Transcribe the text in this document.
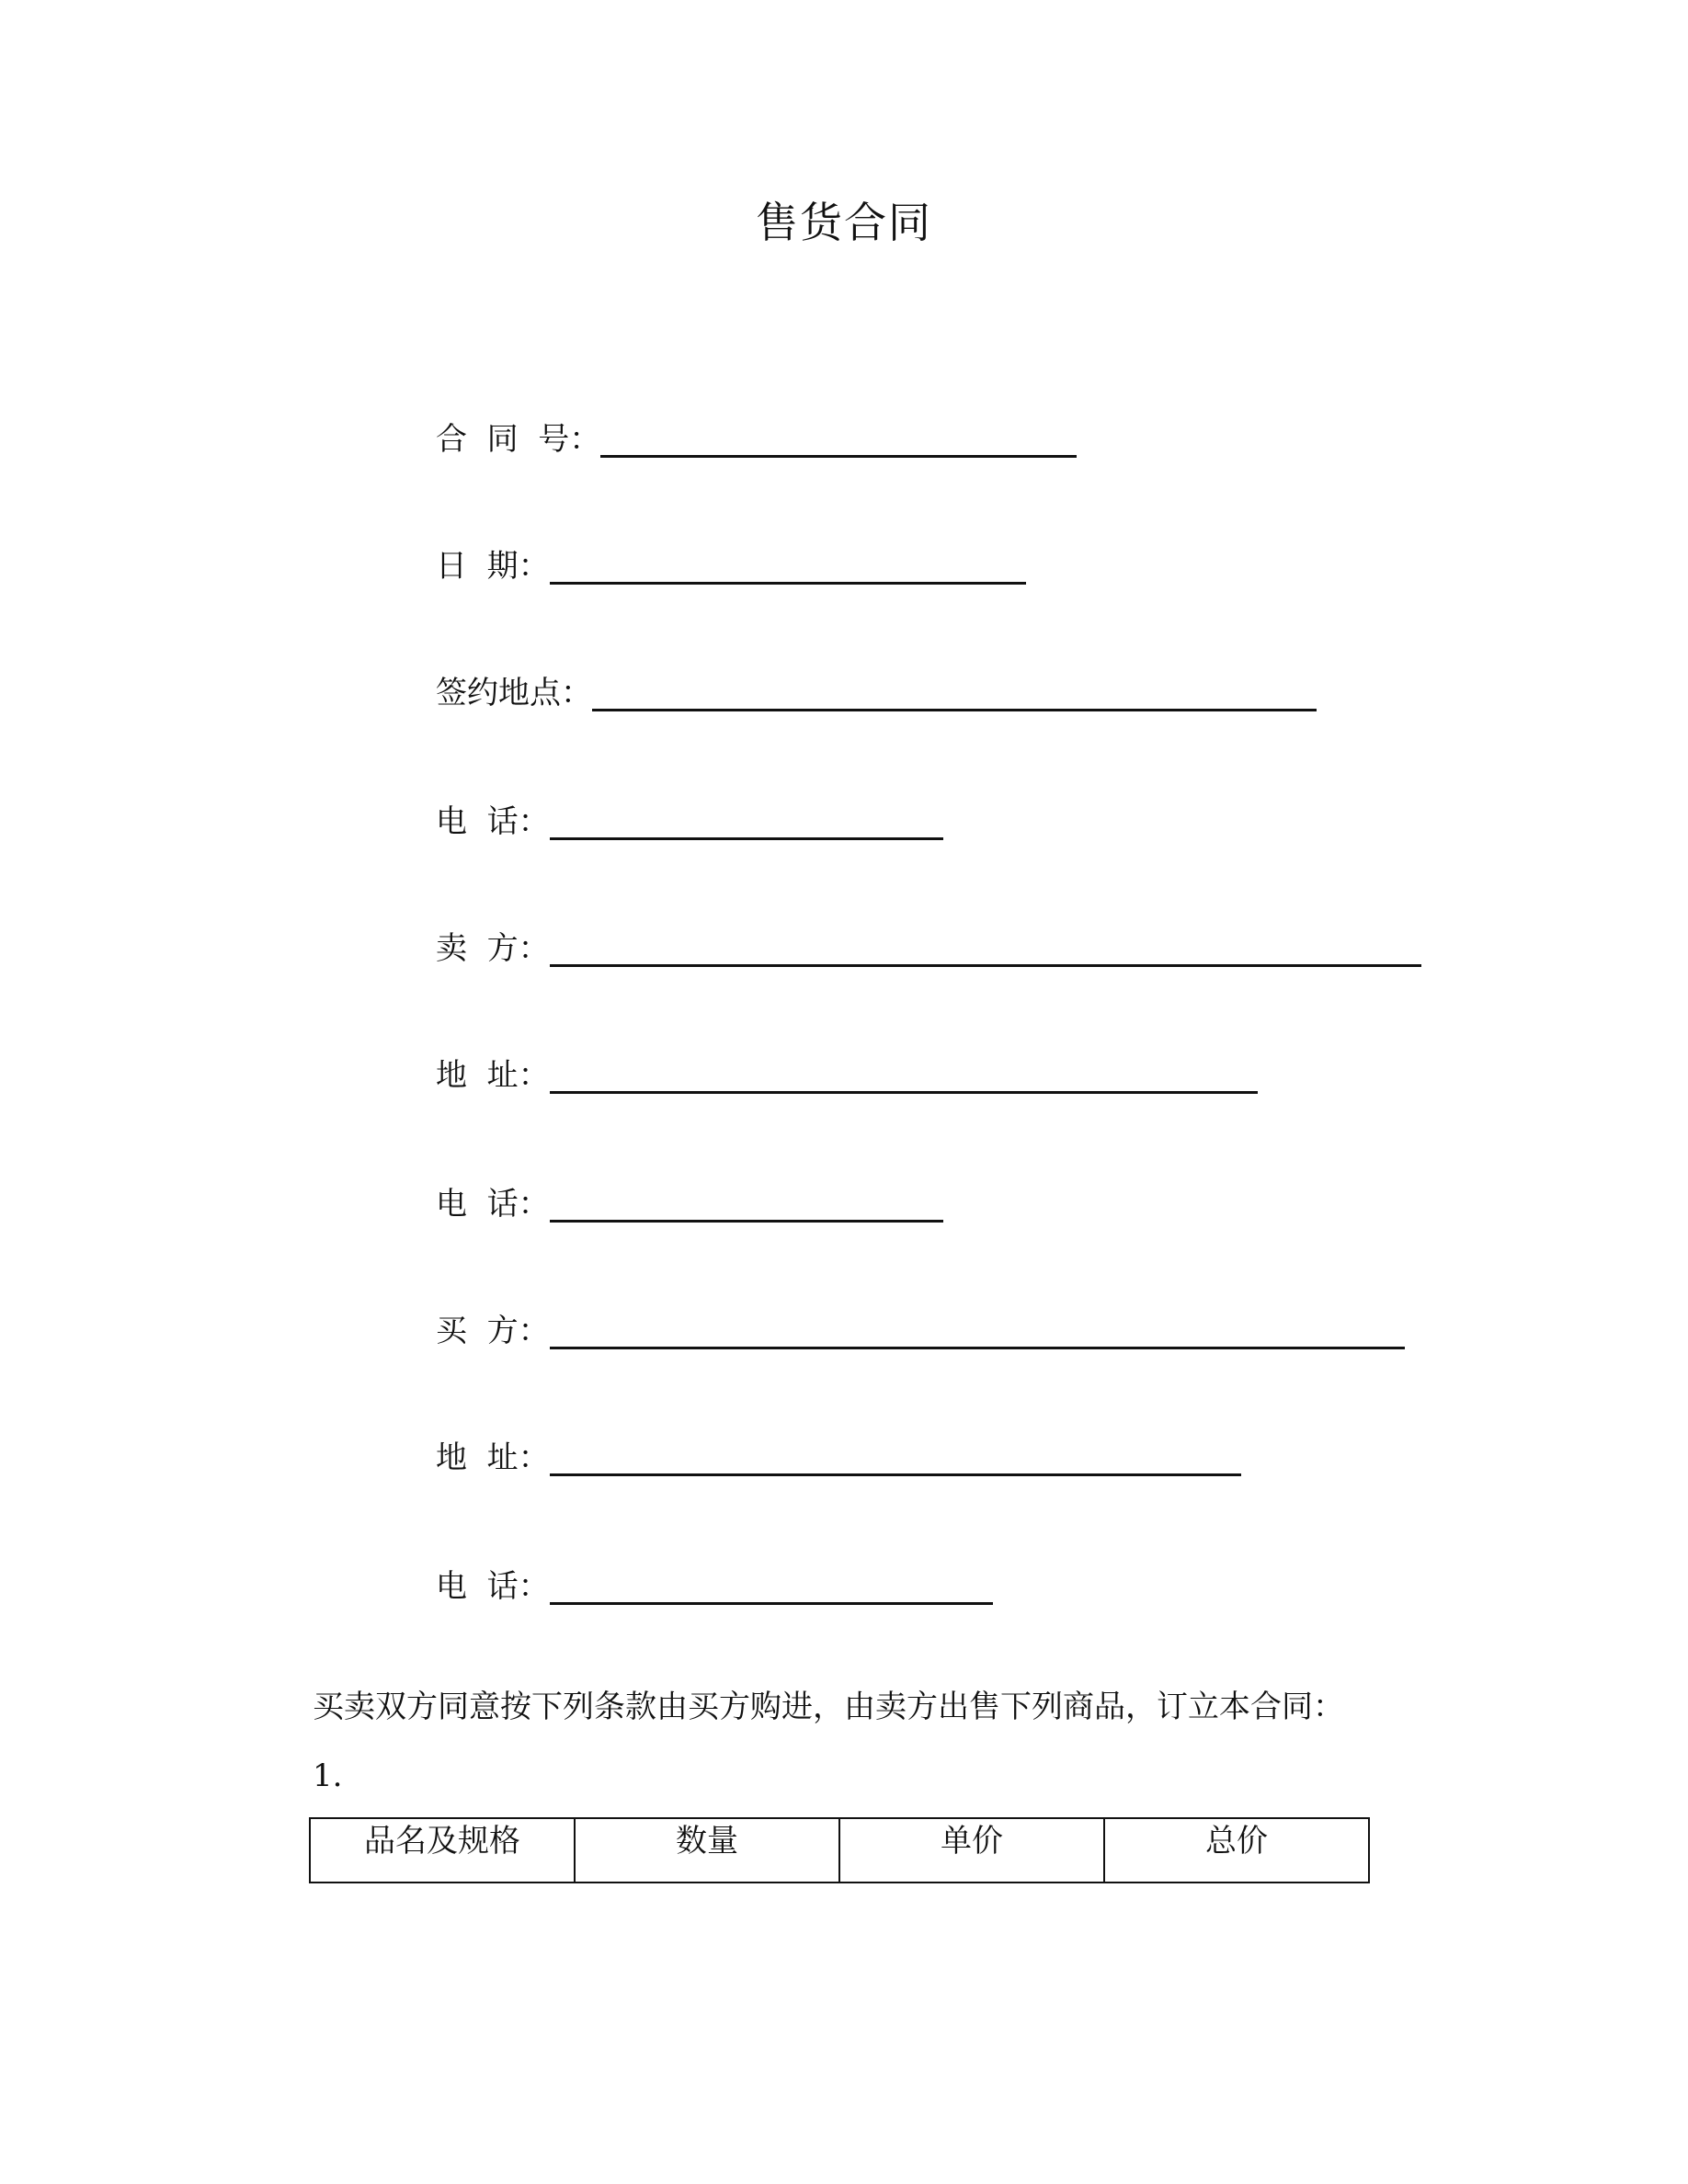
售货合同
合  同  号：
日  期：
签约地点：
电  话：
卖  方：
地  址：
电  话：
买  方：
地  址：
电  话：
买卖双方同意按下列条款由买方购进，由卖方出售下列商品，订立本合同：
1.
品名及规格	数量	单价	总价
